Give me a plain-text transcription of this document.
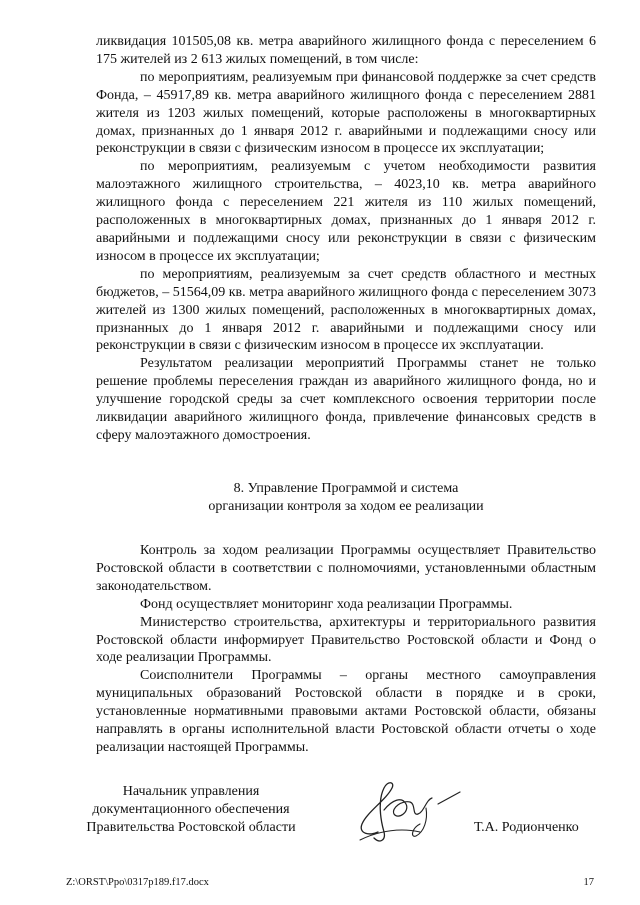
ликвидация 101505,08 кв. метра аварийного жилищного фонда с переселением 6 175 жителей из 2 613 жилых помещений, в том числе:

по мероприятиям, реализуемым при финансовой поддержке за счет средств Фонда, – 45917,89 кв. метра аварийного жилищного фонда с переселением 2881 жителя из 1203 жилых помещений, которые расположены в многоквартирных домах, признанных до 1 января 2012 г. аварийными и подлежащими сносу или реконструкции в связи с физическим износом в процессе их эксплуатации;

по мероприятиям, реализуемым с учетом необходимости развития малоэтажного жилищного строительства, – 4023,10 кв. метра аварийного жилищного фонда с переселением 221 жителя из 110 жилых помещений, расположенных в многоквартирных домах, признанных до 1 января 2012 г. аварийными и подлежащими сносу или реконструкции в связи с физическим износом в процессе их эксплуатации;

по мероприятиям, реализуемым за счет средств областного и местных бюджетов, – 51564,09 кв. метра аварийного жилищного фонда с переселением 3073 жителей из 1300 жилых помещений, расположенных в многоквартирных домах, признанных до 1 января 2012 г. аварийными и подлежащими сносу или реконструкции в связи с физическим износом в процессе их эксплуатации.

Результатом реализации мероприятий Программы станет не только решение проблемы переселения граждан из аварийного жилищного фонда, но и улучшение городской среды за счет комплексного освоения территории после ликвидации аварийного жилищного фонда, привлечение финансовых средств в сферу малоэтажного домостроения.

8. Управление Программой и система
организации контроля за ходом ее реализации

Контроль за ходом реализации Программы осуществляет Правительство Ростовской области в соответствии с полномочиями, установленными областным законодательством.

Фонд осуществляет мониторинг хода реализации Программы.

Министерство строительства, архитектуры и территориального развития Ростовской области информирует Правительство Ростовской области и Фонд о ходе реализации Программы.

Соисполнители Программы – органы местного самоуправления муниципальных образований Ростовской области в порядке и в сроки, установленные нормативными правовыми актами Ростовской области, обязаны направлять в органы исполнительной власти Ростовской области отчеты о ходе реализации настоящей Программы.

Начальник управления
документационного обеспечения
Правительства Ростовской области	Т.А. Родионченко
Z:\ORST\Ppo\0317p189.f17.docx	17
